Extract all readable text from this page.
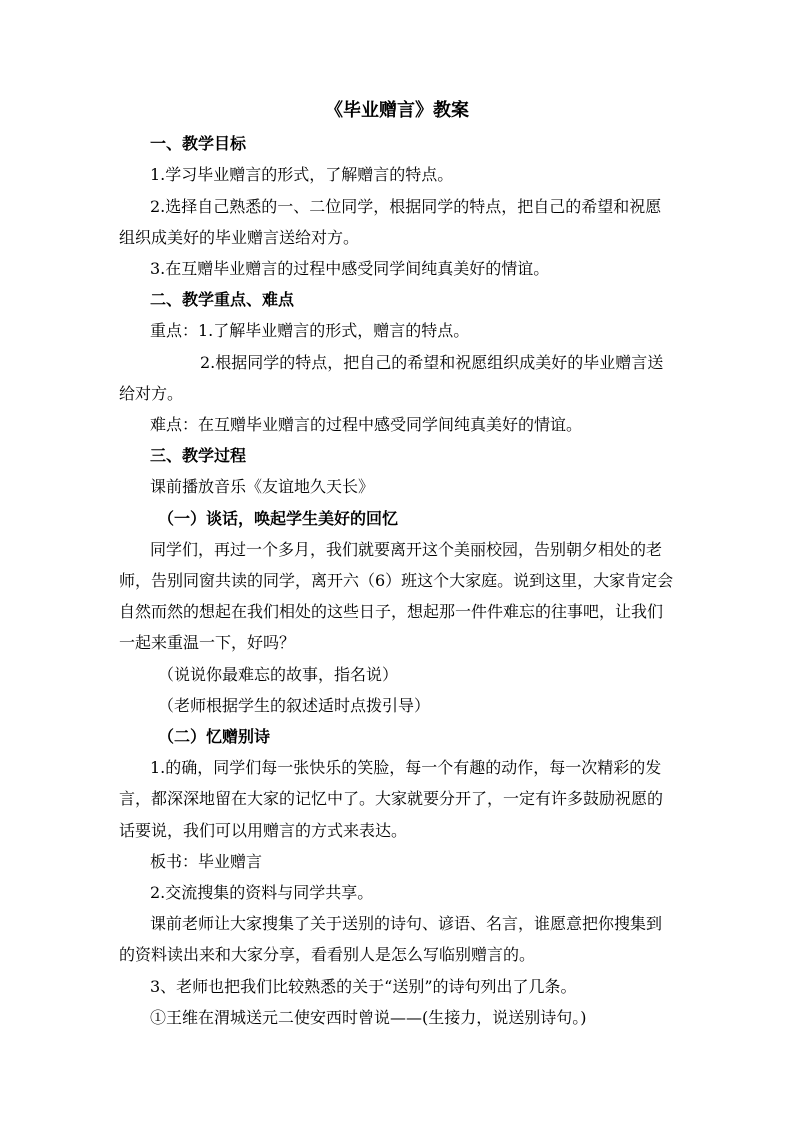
《毕业赠言》教案
一、教学目标
1.学习毕业赠言的形式，了解赠言的特点。
2.选择自己熟悉的一、二位同学，根据同学的特点，把自己的希望和祝愿
组织成美好的毕业赠言送给对方。
3.在互赠毕业赠言的过程中感受同学间纯真美好的情谊。
二、教学重点、难点
重点：1.了解毕业赠言的形式，赠言的特点。
2.根据同学的特点，把自己的希望和祝愿组织成美好的毕业赠言送
给对方。
难点：在互赠毕业赠言的过程中感受同学间纯真美好的情谊。
三、教学过程
课前播放音乐《友谊地久天长》
（一）谈话，唤起学生美好的回忆
同学们，再过一个多月，我们就要离开这个美丽校园，告别朝夕相处的老
师，告别同窗共读的同学，离开六（6）班这个大家庭。说到这里，大家肯定会
自然而然的想起在我们相处的这些日子，想起那一件件难忘的往事吧，让我们
一起来重温一下，好吗？
（说说你最难忘的故事，指名说）
（老师根据学生的叙述适时点拨引导）
（二）忆赠别诗
1.的确，同学们每一张快乐的笑脸，每一个有趣的动作，每一次精彩的发
言，都深深地留在大家的记忆中了。大家就要分开了，一定有许多鼓励祝愿的
话要说，我们可以用赠言的方式来表达。
板书：毕业赠言
2.交流搜集的资料与同学共享。
课前老师让大家搜集了关于送别的诗句、谚语、名言，谁愿意把你搜集到
的资料读出来和大家分享，看看别人是怎么写临别赠言的。
3、老师也把我们比较熟悉的关于“送别”的诗句列出了几条。
①王维在渭城送元二使安西时曾说——(生接力，说送别诗句。)
